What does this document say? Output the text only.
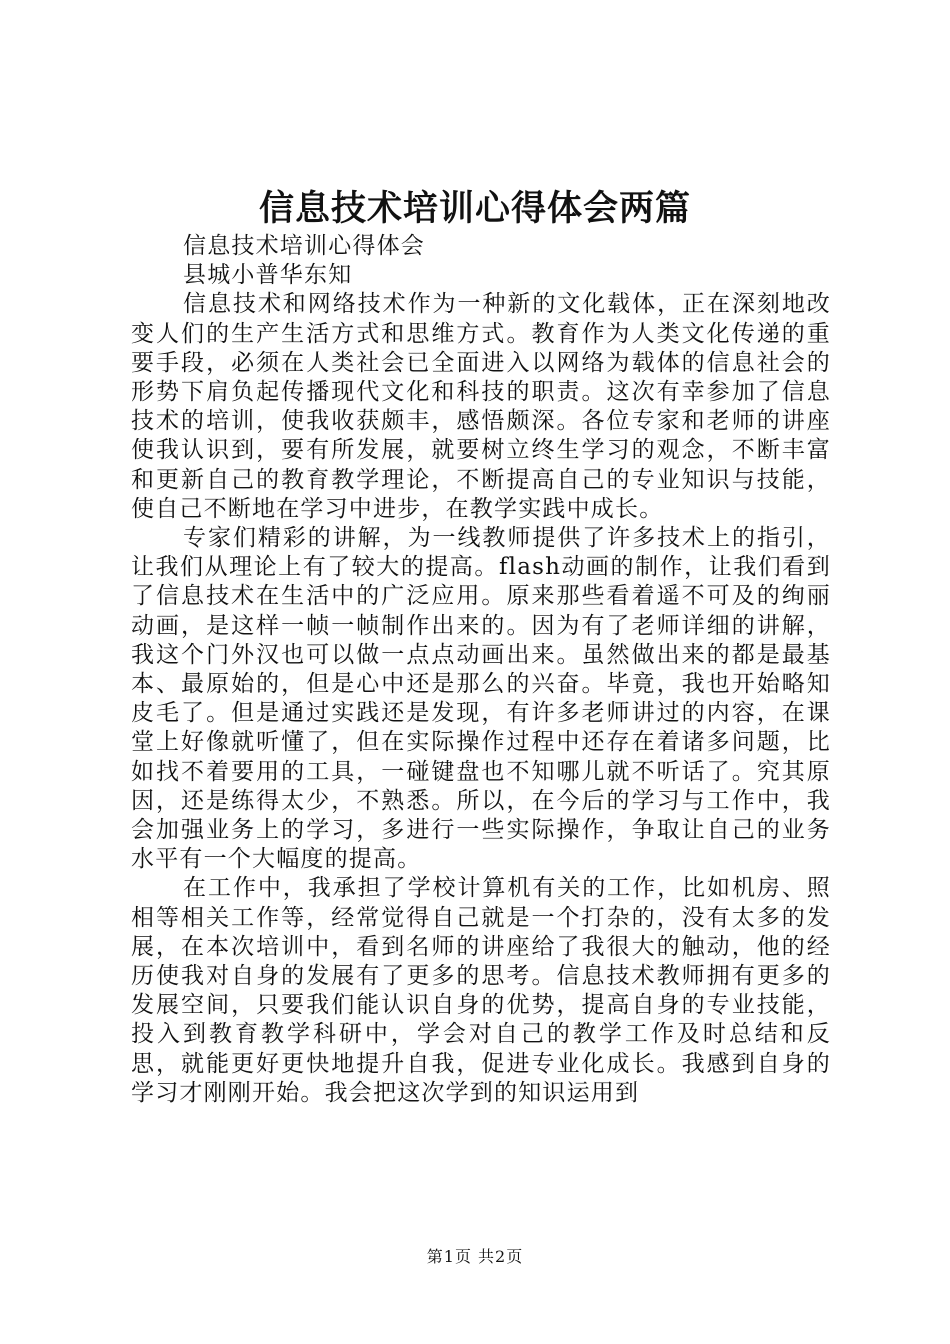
信息技术培训心得体会两篇

信息技术培训心得体会

县城小普华东知

信息技术和网络技术作为一种新的文化载体，正在深刻地改变人们的生产生活方式和思维方式。教育作为人类文化传递的重要手段，必须在人类社会已全面进入以网络为载体的信息社会的形势下肩负起传播现代文化和科技的职责。这次有幸参加了信息技术的培训，使我收获颇丰，感悟颇深。各位专家和老师的讲座使我认识到，要有所发展，就要树立终生学习的观念，不断丰富和更新自己的教育教学理论，不断提高自己的专业知识与技能，使自己不断地在学习中进步，在教学实践中成长。

专家们精彩的讲解，为一线教师提供了许多技术上的指引，让我们从理论上有了较大的提高。flash动画的制作，让我们看到了信息技术在生活中的广泛应用。原来那些看着遥不可及的绚丽动画，是这样一帧一帧制作出来的。因为有了老师详细的讲解，我这个门外汉也可以做一点点动画出来。虽然做出来的都是最基本、最原始的，但是心中还是那么的兴奋。毕竟，我也开始略知皮毛了。但是通过实践还是发现，有许多老师讲过的内容，在课堂上好像就听懂了，但在实际操作过程中还存在着诸多问题，比如找不着要用的工具，一碰键盘也不知哪儿就不听话了。究其原因，还是练得太少，不熟悉。所以，在今后的学习与工作中，我会加强业务上的学习，多进行一些实际操作，争取让自己的业务水平有一个大幅度的提高。

在工作中，我承担了学校计算机有关的工作，比如机房、照相等相关工作等，经常觉得自己就是一个打杂的，没有太多的发展，在本次培训中，看到名师的讲座给了我很大的触动，他的经历使我对自身的发展有了更多的思考。信息技术教师拥有更多的发展空间，只要我们能认识自身的优势，提高自身的专业技能，投入到教育教学科研中，学会对自己的教学工作及时总结和反思，就能更好更快地提升自我，促进专业化成长。我感到自身的学习才刚刚开始。我会把这次学到的知识运用到

第1页 共2页
